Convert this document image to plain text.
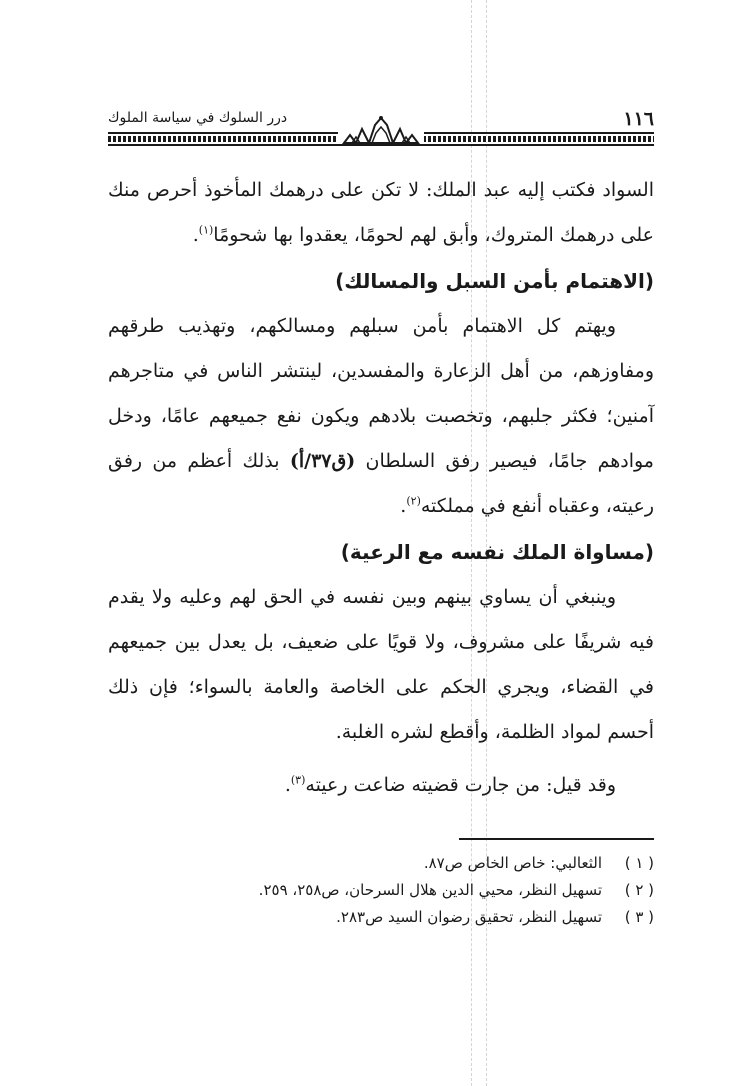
١١٦
درر السلوك في سياسة الملوك

السواد فكتب إليه عبد الملك: لا تكن على درهمك المأخوذ أحرص منك على درهمك المتروك، وأبق لهم لحومًا، يعقدوا بها شحومًا$^{(١)}$.

(الاهتمام بأمن السبل والمسالك)

ويهتم كل الاهتمام بأمن سبلهم ومسالكهم، وتهذيب طرقهم ومفاوزهم، من أهل الزعارة والمفسدين، لينتشر الناس في متاجرهم آمنين؛ فكثر جلبهم، وتخصبت بلادهم ويكون نفع جميعهم عامًا، ودخل موادهم جامًا، فيصير رفق السلطان (ق٣٧/أ) بذلك أعظم من رفق رعيته، وعقباه أنفع في مملكته$^{(٢)}$.

(مساواة الملك نفسه مع الرعية)

وينبغي أن يساوي بينهم وبين نفسه في الحق لهم وعليه ولا يقدم فيه شريفًا على مشروف، ولا قويًا على ضعيف، بل يعدل بين جميعهم في القضاء، ويجري الحكم على الخاصة والعامة بالسواء؛ فإن ذلك أحسم لمواد الظلمة، وأقطع لشره الغلبة.

وقد قيل: من جارت قضيته ضاعت رعيته$^{(٣)}$.

( ١ )
الثعالبي: خاص الخاص ص٨٧.
( ٢ )
تسهيل النظر، محيي الدين هلال السرحان، ص٢٥٨، ٢٥٩.
( ٣ )
تسهيل النظر، تحقيق رضوان السيد ص٢٨٣.
